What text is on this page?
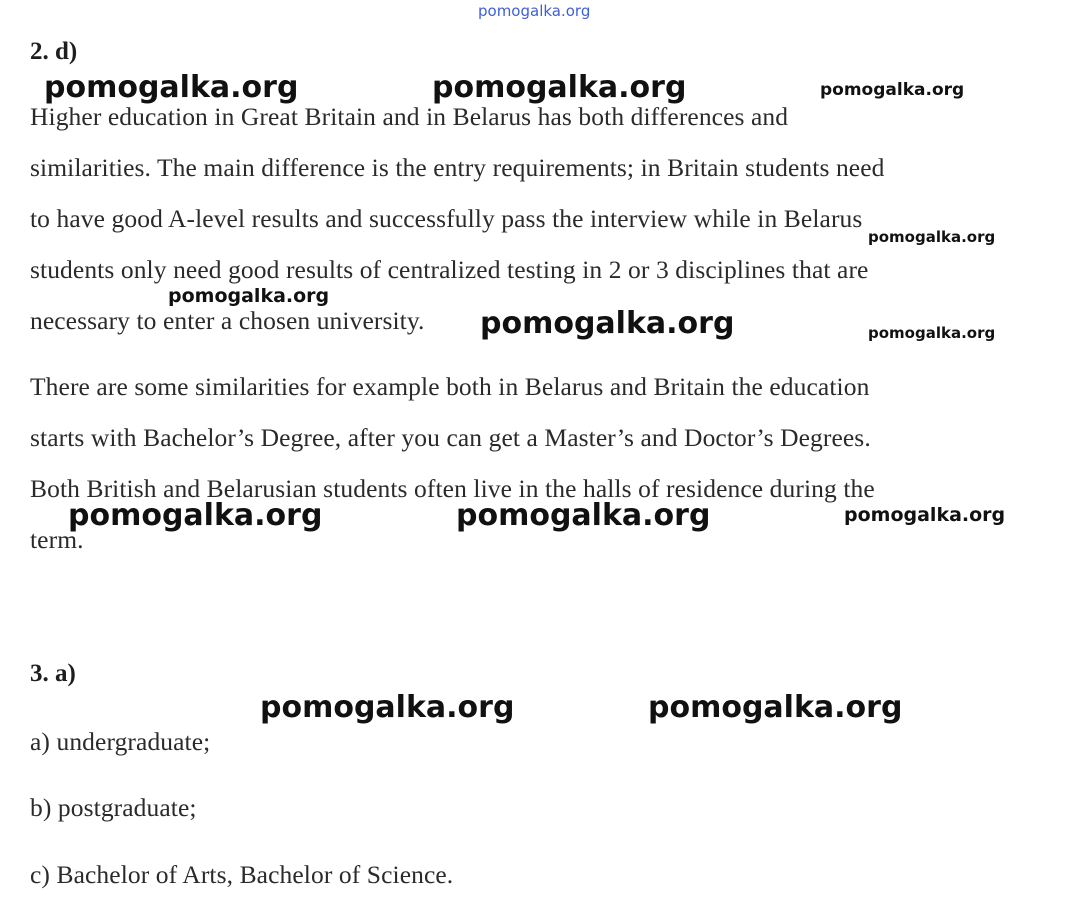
pomogalka.org
2. d)
Higher education in Great Britain and in Belarus has both differences and
similarities. The main difference is the entry requirements; in Britain students need
to have good A-level results and successfully pass the interview while in Belarus
students only need good results of centralized testing in 2 or 3 disciplines that are
necessary to enter a chosen university.
There are some similarities for example both in Belarus and Britain the education
starts with Bachelor’s Degree, after you can get a Master’s and Doctor’s Degrees.
Both British and Belarusian students often live in the halls of residence during the
term.
3. a)
a) undergraduate;
b) postgraduate;
c) Bachelor of Arts, Bachelor of Science.
pomogalka.org	pomogalka.org	pomogalka.org
pomogalka.org
pomogalka.org
pomogalka.org	pomogalka.org
pomogalka.org	pomogalka.org	pomogalka.org
pomogalka.org	pomogalka.org
